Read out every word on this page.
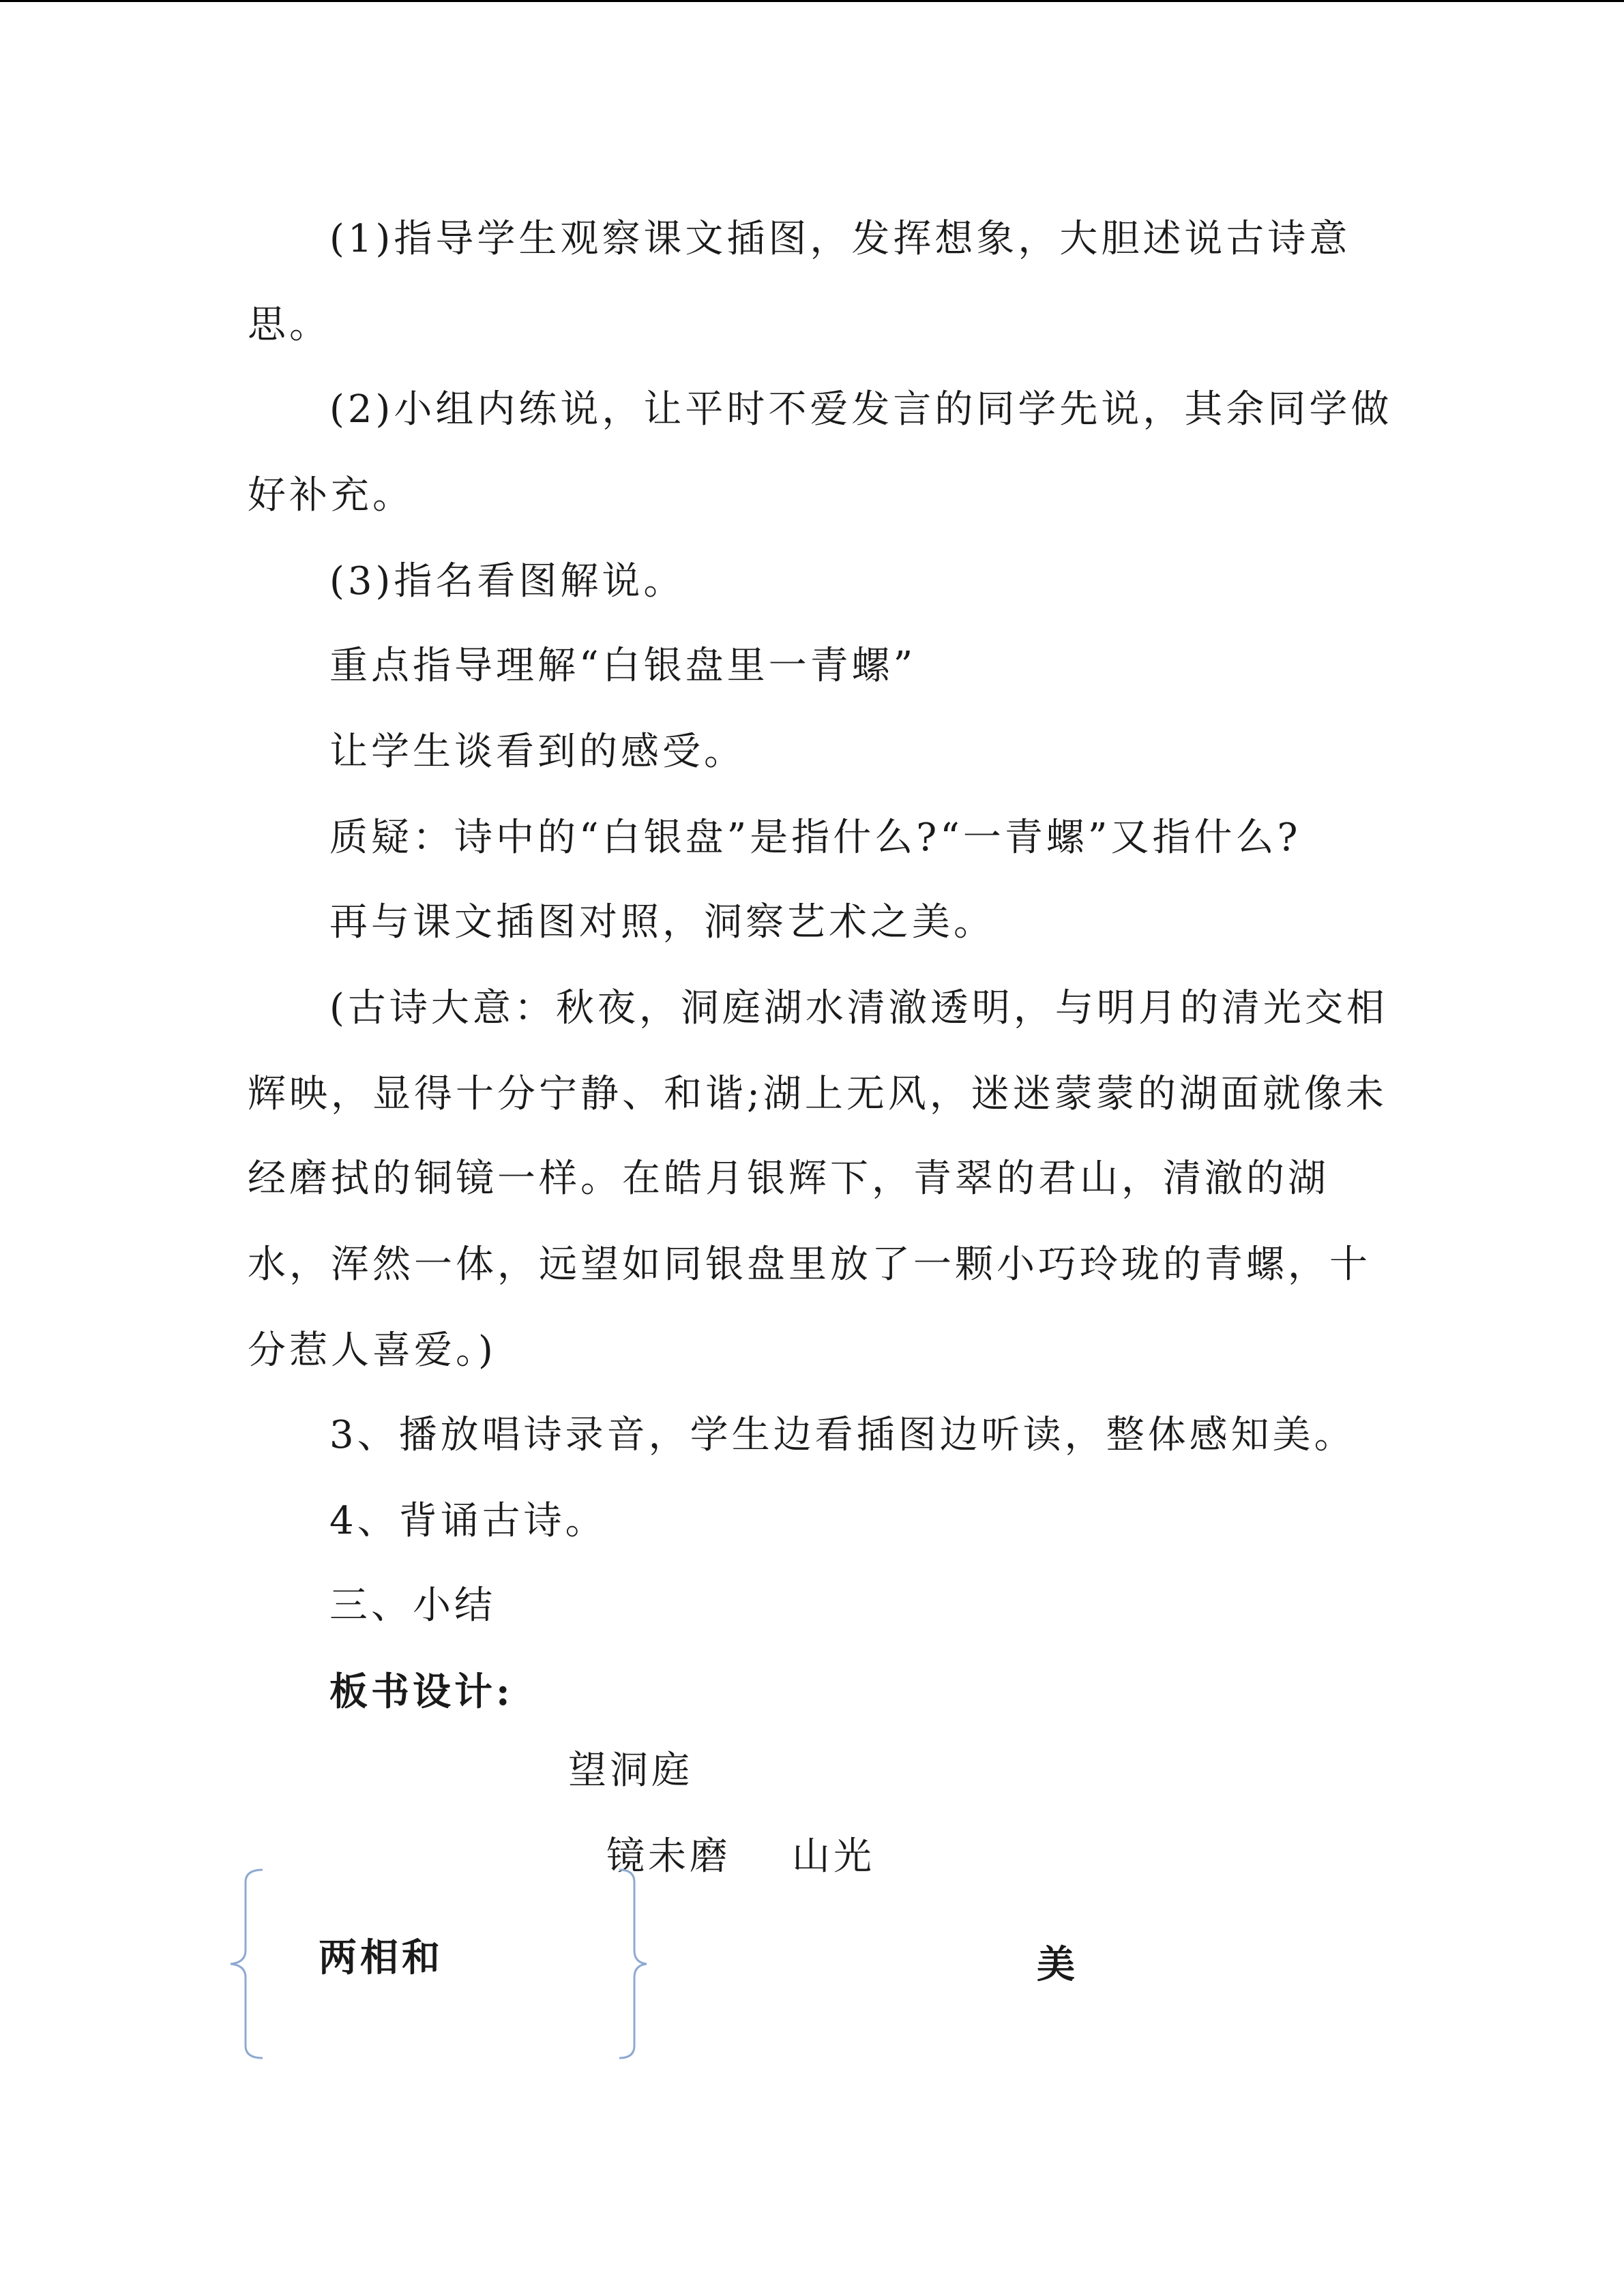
(1)指导学生观察课文插图，发挥想象，大胆述说古诗意
思。
(2)小组内练说，让平时不爱发言的同学先说，其余同学做
好补充。
(3)指名看图解说。
重点指导理解“白银盘里一青螺”
让学生谈看到的感受。
质疑：诗中的“白银盘”是指什么?“一青螺”又指什么?
再与课文插图对照，洞察艺术之美。
(古诗大意：秋夜，洞庭湖水清澈透明，与明月的清光交相
辉映，显得十分宁静、和谐;湖上无风，迷迷蒙蒙的湖面就像未
经磨拭的铜镜一样。在皓月银辉下，青翠的君山，清澈的湖
水，浑然一体，远望如同银盘里放了一颗小巧玲珑的青螺，十
分惹人喜爱。)
3、播放唱诗录音，学生边看插图边听读，整体感知美。
4、背诵古诗。
三、小结
板书设计:
望洞庭
镜未磨 山光
两相和	美
